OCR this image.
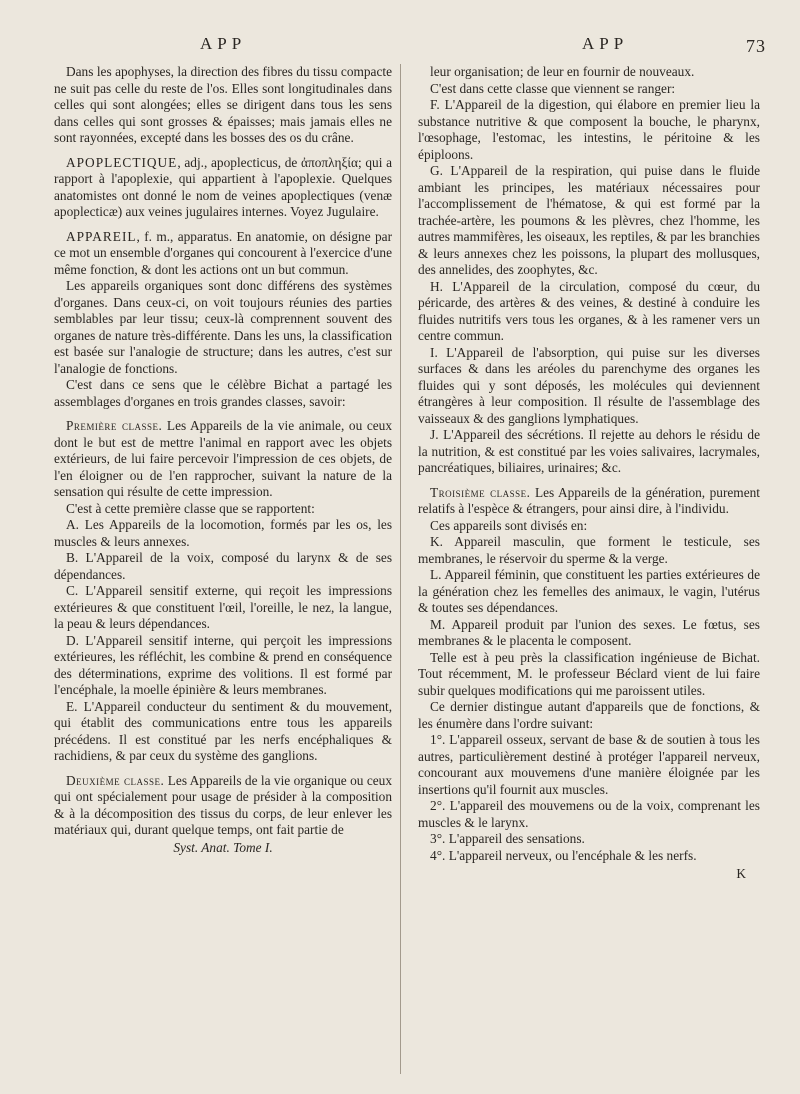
APP	APP	73

Dans les apophyses, la direction des fibres du tissu compacte ne suit pas celle du reste de l'os. Elles sont longitudinales dans celles qui sont alongées; elles se dirigent dans tous les sens dans celles qui sont grosses & épaisses; mais jamais elles ne sont rayonnées, excepté dans les bosses des os du crâne.

APOPLECTIQUE, adj., apoplecticus, de ἀποπληξία; qui a rapport à l'apoplexie, qui appartient à l'apoplexie. Quelques anatomistes ont donné le nom de veines apoplectiques (venæ apoplecticæ) aux veines jugulaires internes. Voyez Jugulaire.

APPAREIL, f. m., apparatus. En anatomie, on désigne par ce mot un ensemble d'organes qui concourent à l'exercice d'une même fonction, & dont les actions ont un but commun.

Les appareils organiques sont donc différens des systèmes d'organes. Dans ceux-ci, on voit toujours réunies des parties semblables par leur tissu; ceux-là comprennent souvent des organes de nature très-différente. Dans les uns, la classification est basée sur l'analogie de structure; dans les autres, c'est sur l'analogie de fonctions.

C'est dans ce sens que le célèbre Bichat a partagé les assemblages d'organes en trois grandes classes, savoir:

Première classe. Les Appareils de la vie animale, ou ceux dont le but est de mettre l'animal en rapport avec les objets extérieurs, de lui faire percevoir l'impression de ces objets, de l'en éloigner ou de l'en rapprocher, suivant la nature de la sensation qui résulte de cette impression.

C'est à cette première classe que se rapportent:

A. Les Appareils de la locomotion, formés par les os, les muscles & leurs annexes.

B. L'Appareil de la voix, composé du larynx & de ses dépendances.

C. L'Appareil sensitif externe, qui reçoit les impressions extérieures & que constituent l'œil, l'oreille, le nez, la langue, la peau & leurs dépendances.

D. L'Appareil sensitif interne, qui perçoit les impressions extérieures, les réfléchit, les combine & prend en conséquence des déterminations, exprime des volitions. Il est formé par l'encéphale, la moelle épinière & leurs membranes.

E. L'Appareil conducteur du sentiment & du mouvement, qui établit des communications entre tous les appareils précédens. Il est constitué par les nerfs encéphaliques & rachidiens, & par ceux du système des ganglions.

Deuxième classe. Les Appareils de la vie organique ou ceux qui ont spécialement pour usage de présider à la composition & à la décomposition des tissus du corps, de leur enlever les matériaux qui, durant quelque temps, ont fait partie de

Syst. Anat. Tome I.

leur organisation; de leur en fournir de nouveaux.

C'est dans cette classe que viennent se ranger:

F. L'Appareil de la digestion, qui élabore en premier lieu la substance nutritive & que composent la bouche, le pharynx, l'œsophage, l'estomac, les intestins, le péritoine & les épiploons.

G. L'Appareil de la respiration, qui puise dans le fluide ambiant les principes, les matériaux nécessaires pour l'accomplissement de l'hématose, & qui est formé par la trachée-artère, les poumons & les plèvres, chez l'homme, les autres mammifères, les oiseaux, les reptiles, & par les branchies & leurs annexes chez les poissons, la plupart des mollusques, des annelides, des zoophytes, &c.

H. L'Appareil de la circulation, composé du cœur, du péricarde, des artères & des veines, & destiné à conduire les fluides nutritifs vers tous les organes, & à les ramener vers un centre commun.

I. L'Appareil de l'absorption, qui puise sur les diverses surfaces & dans les aréoles du parenchyme des organes les fluides qui y sont déposés, les molécules qui deviennent étrangères à leur composition. Il résulte de l'assemblage des vaisseaux & des ganglions lymphatiques.

J. L'Appareil des sécrétions. Il rejette au dehors le résidu de la nutrition, & est constitué par les voies salivaires, lacrymales, pancréatiques, biliaires, urinaires; &c.

Troisième classe. Les Appareils de la génération, purement relatifs à l'espèce & étrangers, pour ainsi dire, à l'individu.

Ces appareils sont divisés en:

K. Appareil masculin, que forment le testicule, ses membranes, le réservoir du sperme & la verge.

L. Appareil féminin, que constituent les parties extérieures de la génération chez les femelles des animaux, le vagin, l'utérus & toutes ses dépendances.

M. Appareil produit par l'union des sexes. Le fœtus, ses membranes & le placenta le composent.

Telle est à peu près la classification ingénieuse de Bichat. Tout récemment, M. le professeur Béclard vient de lui faire subir quelques modifications qui me paroissent utiles.

Ce dernier distingue autant d'appareils que de fonctions, & les énumère dans l'ordre suivant:

1°. L'appareil osseux, servant de base & de soutien à tous les autres, particulièrement destiné à protéger l'appareil nerveux, concourant aux mouvemens d'une manière éloignée par les insertions qu'il fournit aux muscles.

2°. L'appareil des mouvemens ou de la voix, comprenant les muscles & le larynx.

3°. L'appareil des sensations.

4°. L'appareil nerveux, ou l'encéphale & les nerfs.

K
